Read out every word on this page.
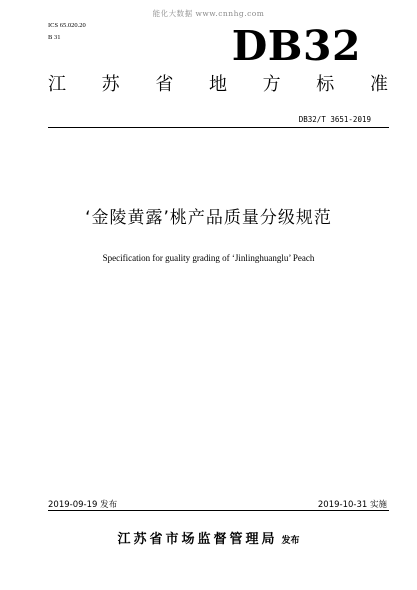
能化大数据 www.cnnhg.com
ICS 65.020.20
B 31	DB32
江 苏 省 地 方 标 准
DB32/T 3651-2019
‘金陵黄露’桃产品质量分级规范
Specification for guality grading of ‘Jinlinghuanglu’ Peach
2019-09-19 发布	2019-10-31 实施
江苏省市场监督管理局 发布
